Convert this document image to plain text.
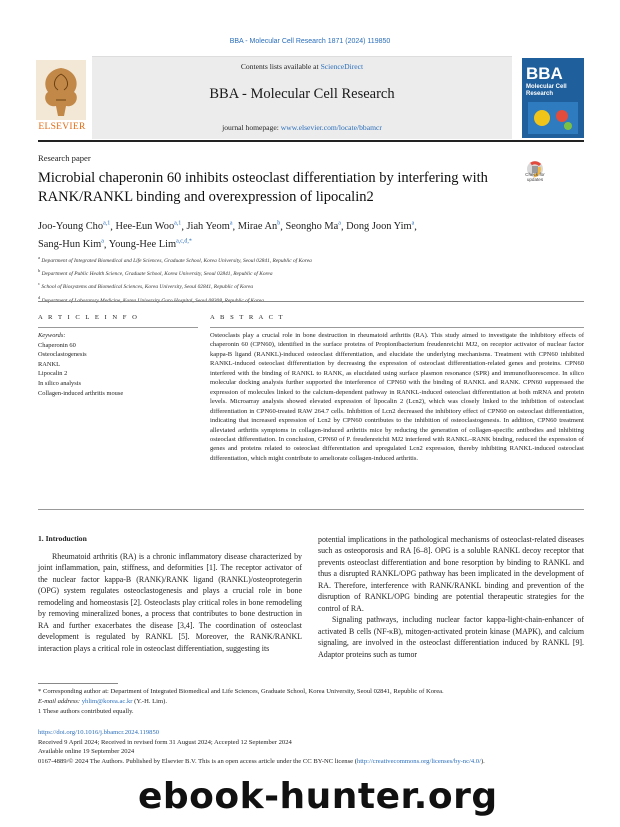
BBA - Molecular Cell Research 1871 (2024) 119850
Contents lists available at ScienceDirect
BBA - Molecular Cell Research
journal homepage: www.elsevier.com/locate/bbamcr
ELSEVIER
BBA
Molecular Cell Research
Research paper
Microbial chaperonin 60 inhibits osteoclast differentiation by interfering with RANK/RANKL binding and overexpression of lipocalin2
Check for updates
Joo-Young Cho$^{a,1}$, Hee-Eun Woo$^{a,1}$, Jiah Yeom$^a$, Mirae An$^b$, Seongho Ma$^a$, Dong Joon Yim$^a$,
Sang-Hun Kim$^a$, Young-Hee Lim$^{a,c,d,*}$
$^a$ Department of Integrated Biomedical and Life Sciences, Graduate School, Korea University, Seoul 02841, Republic of Korea
$^b$ Department of Public Health Science, Graduate School, Korea University, Seoul 02841, Republic of Korea
$^c$ School of Biosystems and Biomedical Sciences, Korea University, Seoul 02841, Republic of Korea
$^d$
A R T I C L E I N F O	A B S T R A C T
Keywords:
Chaperonin 60
Osteoclastogenesis
RANKL
Lipocalin 2
In silico analysis
Collagen-induced arthritis mouse
Osteoclasts play a crucial role in bone destruction in rheumatoid arthritis (RA). This study aimed to investigate the inhibitory effects of chaperonin 60 (CPN60), identified in the surface proteins of Propionibacterium freudenreichii MJ2, on receptor activator of nuclear factor kappa-B ligand (RANKL)-induced osteoclast differentiation, and elucidate the underlying mechanisms. Treatment with CPN60 inhibited RANKL-induced osteoclast differentiation by decreasing the expression of osteoclast differentiation-related genes and proteins. CPN60 interfered with the binding of RANKL to RANK, as elucidated using surface plasmon resonance (SPR) and immunofluorescence. In silico molecular docking analysis further supported the interference of CPN60 with the binding of RANKL and RANK. CPN60 suppressed the expression of molecules linked to the calcium-dependent pathway in RANKL-induced osteoclast differentiation at both mRNA and protein levels. Microarray analysis showed elevated expression of lipocalin 2 (Lcn2), which was closely linked to the inhibition of osteoclast differentiation in CPN60-treated RAW 264.7 cells. Inhibition of Lcn2 decreased the inhibitory effect of CPN60 on osteoclast differentiation, indicating that increased expression of Lcn2 by CPN60 contributes to the inhibition of osteoclastogenesis. In addition, CPN60 treatment alleviated arthritis symptoms in collagen-induced arthritis mice by reducing the generation of collagen-specific antibodies and inhibiting osteoclast differentiation. In conclusion, CPN60 of P. freudenreichii MJ2 interfered with RANKL–RANK binding, reduced the expression of genes and proteins related to osteoclast differentiation and upregulated Lcn2 expression, thereby inhibiting RANKL-induced osteoclast differentiation, which might contribute to ameliorate collagen-induced arthritis.
1. Introduction
Rheumatoid arthritis (RA) is a chronic inflammatory disease characterized by joint inflammation, pain, stiffness, and deformities [1]. The receptor activator of the nuclear factor kappa-B (RANK)/RANK ligand (RANKL)/osteoprotegerin (OPG) system regulates osteoclastogenesis and plays a crucial role in bone remodeling and homeostasis [2]. Osteoclasts play critical roles in bone remodeling by removing mineralized bones, a process that contributes to bone destruction in RA and further exacerbates the disease [3,4]. The coordination of osteoclast development is regulated by RANKL [5]. Moreover, the RANK/RANKL interaction plays a critical role in osteoclast differentiation, suggesting its

potential implications in the pathological mechanisms of osteoclast-related diseases such as osteoporosis and RA [6–8]. OPG is a soluble RANKL decoy receptor that prevents osteoclast differentiation and bone resorption by binding to RANKL and thus a disrupted RANKL/OPG pathway has been implicated in the development of RA. Therefore, interference with RANK/RANKL binding and prevention of the disruption of RANKL/OPG binding are potential therapeutic strategies for the control of RA.

Signaling pathways, including nuclear factor kappa-light-chain-enhancer of activated B cells (NF-κB), mitogen-activated protein kinase (MAPK), and calcium signaling, are involved in the osteoclast differentiation induced by RANKL [9]. Adaptor proteins such as tumor

* Corresponding author at: Department of Integrated Biomedical and Life Sciences, Graduate School, Korea University, Seoul 02841, Republic of Korea.
E-mail address: yhlim@korea.ac.kr (Y.-H. Lim).
1 These authors contributed equally.
https://doi.org/10.1016/j.bbamcr.2024.119850
Received 9 April 2024; Received in revised form 31 August 2024; Accepted 12 September 2024
Available online 19 September 2024
0167-4889/© 2024 The Authors. Published by Elsevier B.V. This is an open access article under the CC BY-NC license (http://creativecommons.org/licenses/by-nc/4.0/).
ebook-hunter.org
